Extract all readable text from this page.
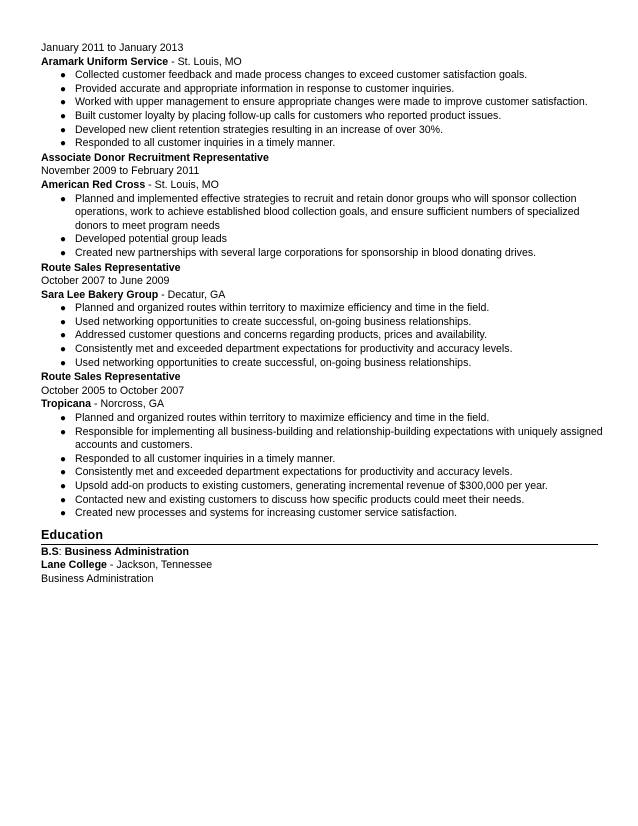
January 2011 to January 2013
Aramark Uniform Service - St. Louis, MO
● Collected customer feedback and made process changes to exceed customer satisfaction goals.
● Provided accurate and appropriate information in response to customer inquiries.
● Worked with upper management to ensure appropriate changes were made to improve customer satisfaction.
● Built customer loyalty by placing follow-up calls for customers who reported product issues.
● Developed new client retention strategies resulting in an increase of over 30%.
● Responded to all customer inquiries in a timely manner.
Associate Donor Recruitment Representative
November 2009 to February 2011
American Red Cross - St. Louis, MO
● Planned and implemented effective strategies to recruit and retain donor groups who will sponsor collection operations, work to achieve established blood collection goals, and ensure sufficient numbers of specialized donors to meet program needs
● Developed potential group leads
● Created new partnerships with several large corporations for sponsorship in blood donating drives.
Route Sales Representative
October 2007 to June 2009
Sara Lee Bakery Group - Decatur, GA
● Planned and organized routes within territory to maximize efficiency and time in the field.
● Used networking opportunities to create successful, on-going business relationships.
● Addressed customer questions and concerns regarding products, prices and availability.
● Consistently met and exceeded department expectations for productivity and accuracy levels.
● Used networking opportunities to create successful, on-going business relationships.
Route Sales Representative
October 2005 to October 2007
Tropicana - Norcross, GA
● Planned and organized routes within territory to maximize efficiency and time in the field.
● Responsible for implementing all business-building and relationship-building expectations with uniquely assigned accounts and customers.
● Responded to all customer inquiries in a timely manner.
● Consistently met and exceeded department expectations for productivity and accuracy levels.
● Upsold add-on products to existing customers, generating incremental revenue of $300,000 per year.
● Contacted new and existing customers to discuss how specific products could meet their needs.
● Created new processes and systems for increasing customer service satisfaction.
Education
B.S: Business Administration
Lane College - Jackson, Tennessee
Business Administration
